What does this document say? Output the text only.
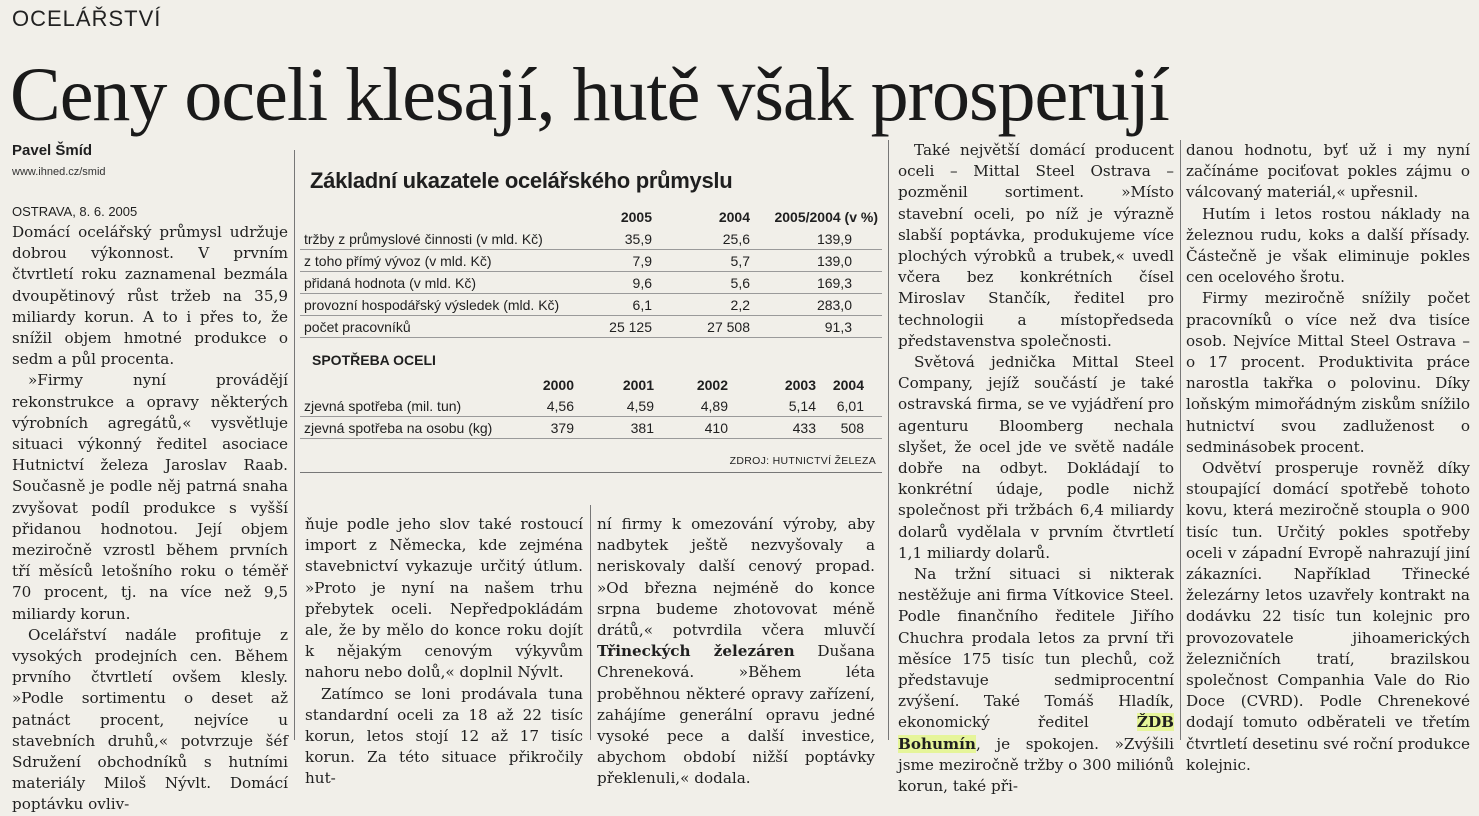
OCELÁŘSTVÍ
Ceny oceli klesají, hutě však prosperují
Pavel Šmíd
www.ihned.cz/smid
OSTRAVA, 8. 6. 2005

Domácí ocelářský průmysl udržuje dobrou výkonnost. V prvním čtvrtletí roku zaznamenal bezmála dvoupětinový růst tržeb na 35,9 miliardy korun. A to i přes to, že snížil objem hmotné produkce o sedm a půl procenta.

»Firmy nyní provádějí rekonstrukce a opravy některých výrobních agregátů,« vysvětluje situaci výkonný ředitel asociace Hutnictví železa Jaroslav Raab. Současně je podle něj patrná snaha zvyšovat podíl produkce s vyšší přidanou hodnotou. Její objem meziročně vzrostl během prvních tří měsíců letošního roku o téměř 70 procent, tj. na více než 9,5 miliardy korun.

Ocelářství nadále profituje z vysokých prodejních cen. Během prvního čtvrtletí ovšem klesly. »Podle sortimentu o deset až patnáct procent, nejvíce u stavebních druhů,« potvrzuje šéf Sdružení obchodníků s hutními materiály Miloš Nývlt. Domácí poptávku ovliv-

Základní ukazatele ocelářského průmyslu
	2005	2004	2005/2004 (v %)
tržby z průmyslové činnosti (v mld. Kč)	35,9	25,6	139,9
z toho přímý vývoz (v mld. Kč)	7,9	5,7	139,0
přidaná hodnota (v mld. Kč)	9,6	5,6	169,3
provozní hospodářský výsledek (mld. Kč)	6,1	2,2	283,0
počet pracovníků	25 125	27 508	91,3
SPOTŘEBA OCELI
	2000	2001	2002	2003	2004
zjevná spotřeba (mil. tun)	4,56	4,59	4,89	5,14	6,01
zjevná spotřeba na osobu (kg)	379	381	410	433	508
ZDROJ: HUTNICTVÍ ŽELEZA

ňuje podle jeho slov také rostoucí import z Německa, kde zejména stavebnictví vykazuje určitý útlum. »Proto je nyní na našem trhu přebytek oceli. Nepředpokládám ale, že by mělo do konce roku dojít k nějakým cenovým výkyvům nahoru nebo dolů,« doplnil Nývlt.

Zatímco se loni prodávala tuna standardní oceli za 18 až 22 tisíc korun, letos stojí 12 až 17 tisíc korun. Za této situace přikročily hut-

ní firmy k omezování výroby, aby nadbytek ještě nezvyšovaly a neriskovaly další cenový propad. »Od března nejméně do konce srpna budeme zhotovovat méně drátů,« potvrdila včera mluvčí Třineckých železáren Dušana Chreneková. »Během léta proběhnou některé opravy zařízení, zahájíme generální opravu jedné vysoké pece a další investice, abychom období nižší poptávky překlenuli,« dodala.

Také největší domácí producent oceli – Mittal Steel Ostrava – pozměnil sortiment. »Místo stavební oceli, po níž je výrazně slabší poptávka, produkujeme více plochých výrobků a trubek,« uvedl včera bez konkrétních čísel Miroslav Stančík, ředitel pro technologii a místopředseda představenstva společnosti.

Světová jednička Mittal Steel Company, jejíž součástí je také ostravská firma, se ve vyjádření pro agenturu Bloomberg nechala slyšet, že ocel jde ve světě nadále dobře na odbyt. Dokládají to konkrétní údaje, podle nichž společnost při tržbách 6,4 miliardy dolarů vydělala v prvním čtvrtletí 1,1 miliardy dolarů.

Na tržní situaci si nikterak nestěžuje ani firma Vítkovice Steel. Podle finančního ředitele Jiřího Chuchra prodala letos za první tři měsíce 175 tisíc tun plechů, což představuje sedmiprocentní zvýšení. Také Tomáš Hladík, ekonomický ředitel	ŽDB Bohumín, je spokojen. »Zvýšili jsme meziročně tržby o 300 miliónů korun, také při-

danou hodnotu, byť už i my nyní začínáme pociťovat pokles zájmu o válcovaný materiál,« upřesnil.

Hutím i letos rostou náklady na železnou rudu, koks a další přísady. Částečně je však eliminuje pokles cen ocelového šrotu.

Firmy meziročně snížily počet pracovníků o více než dva tisíce osob. Nejvíce Mittal Steel Ostrava – o 17 procent. Produktivita práce narostla takřka o polovinu. Díky loňským mimořádným ziskům snížilo hutnictví svou zadluženost o sedminásobek procent.

Odvětví prosperuje rovněž díky stoupající domácí spotřebě tohoto kovu, která meziročně stoupla o 900 tisíc tun. Určitý pokles spotřeby oceli v západní Evropě nahrazují jiní zákazníci. Například Třinecké železárny letos uzavřely kontrakt na dodávku 22 tisíc tun kolejnic pro provozovatele jihoamerických železničních tratí, brazilskou společnost Companhia Vale do Rio Doce (CVRD). Podle Chrenekové dodají tomuto odběrateli ve třetím čtvrtletí desetinu své roční produkce kolejnic.
